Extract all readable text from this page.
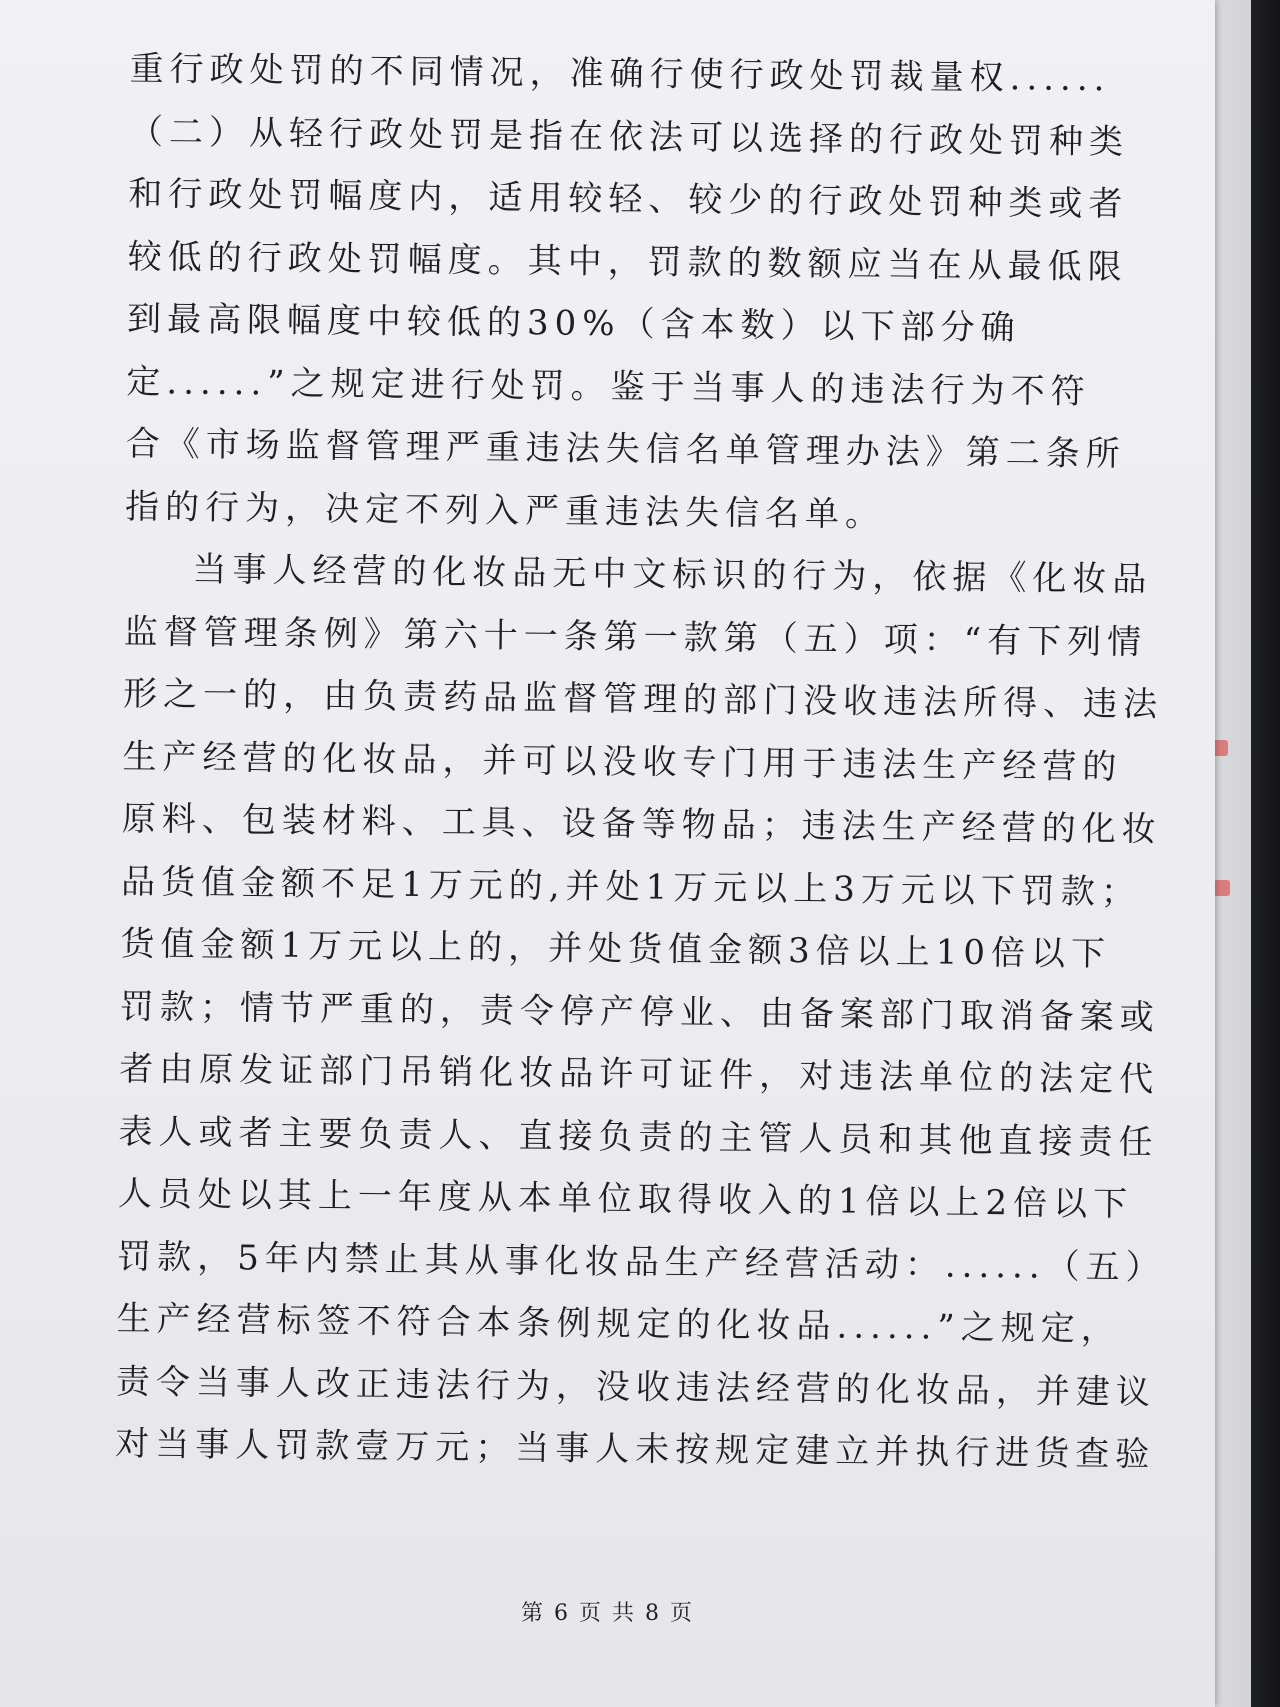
重行政处罚的不同情况，准确行使行政处罚裁量权......
（二）从轻行政处罚是指在依法可以选择的行政处罚种类
和行政处罚幅度内，适用较轻、较少的行政处罚种类或者
较低的行政处罚幅度。其中，罚款的数额应当在从最低限
到最高限幅度中较低的30%（含本数）以下部分确
定......”之规定进行处罚。鉴于当事人的违法行为不符
合《市场监督管理严重违法失信名单管理办法》第二条所
指的行为，决定不列入严重违法失信名单。
当事人经营的化妆品无中文标识的行为，依据《化妆品
监督管理条例》第六十一条第一款第（五）项：“有下列情
形之一的，由负责药品监督管理的部门没收违法所得、违法
生产经营的化妆品，并可以没收专门用于违法生产经营的
原料、包装材料、工具、设备等物品；违法生产经营的化妆
品货值金额不足1万元的,并处1万元以上3万元以下罚款；
货值金额1万元以上的，并处货值金额3倍以上10倍以下
罚款；情节严重的，责令停产停业、由备案部门取消备案或
者由原发证部门吊销化妆品许可证件，对违法单位的法定代
表人或者主要负责人、直接负责的主管人员和其他直接责任
人员处以其上一年度从本单位取得收入的1倍以上2倍以下
罚款，5年内禁止其从事化妆品生产经营活动：......（五）
生产经营标签不符合本条例规定的化妆品......”之规定，
责令当事人改正违法行为，没收违法经营的化妆品，并建议
对当事人罚款壹万元；当事人未按规定建立并执行进货查验
第 6 页 共 8 页
